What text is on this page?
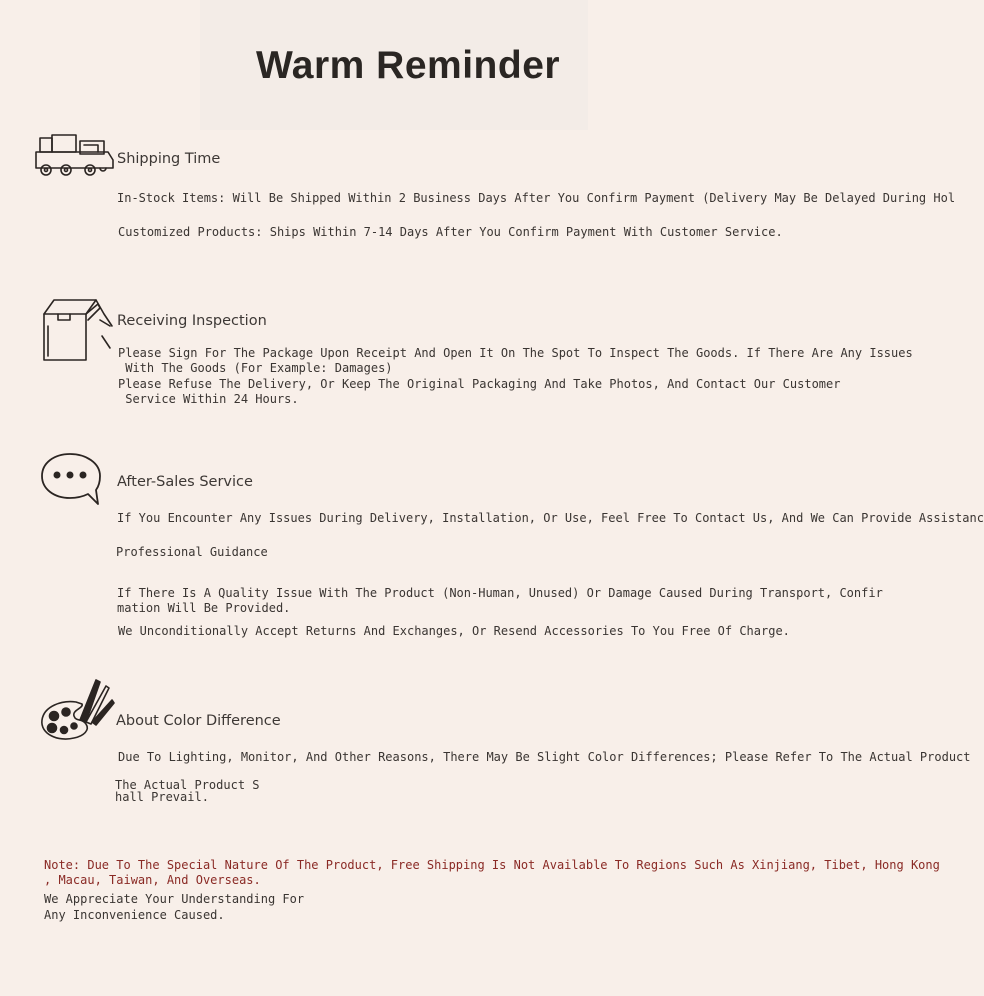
Warm Reminder
Shipping Time
In-Stock Items: Will Be Shipped Within 2 Business Days After You Confirm Payment (Delivery May Be Delayed During Hol
Customized Products: Ships Within 7-14 Days After You Confirm Payment With Customer Service.
Receiving Inspection
Please Sign For The Package Upon Receipt And Open It On The Spot To Inspect The Goods. If There Are Any Issues
With The Goods (For Example: Damages)
Please Refuse The Delivery, Or Keep The Original Packaging And Take Photos, And Contact Our Customer
Service Within 24 Hours.
After-Sales Service
If You Encounter Any Issues During Delivery, Installation, Or Use, Feel Free To Contact Us, And We Can Provide Assistanc
Professional Guidance
If There Is A Quality Issue With The Product (Non-Human, Unused) Or Damage Caused During Transport, Confir
mation Will Be Provided.
We Unconditionally Accept Returns And Exchanges, Or Resend Accessories To You Free Of Charge.
About Color Difference
Due To Lighting, Monitor, And Other Reasons, There May Be Slight Color Differences; Please Refer To The Actual Product
The Actual Product S
hall Prevail.
Note: Due To The Special Nature Of The Product, Free Shipping Is Not Available To Regions Such As Xinjiang, Tibet, Hong Kong
, Macau, Taiwan, And Overseas.
We Appreciate Your Understanding For
Any Inconvenience Caused.
